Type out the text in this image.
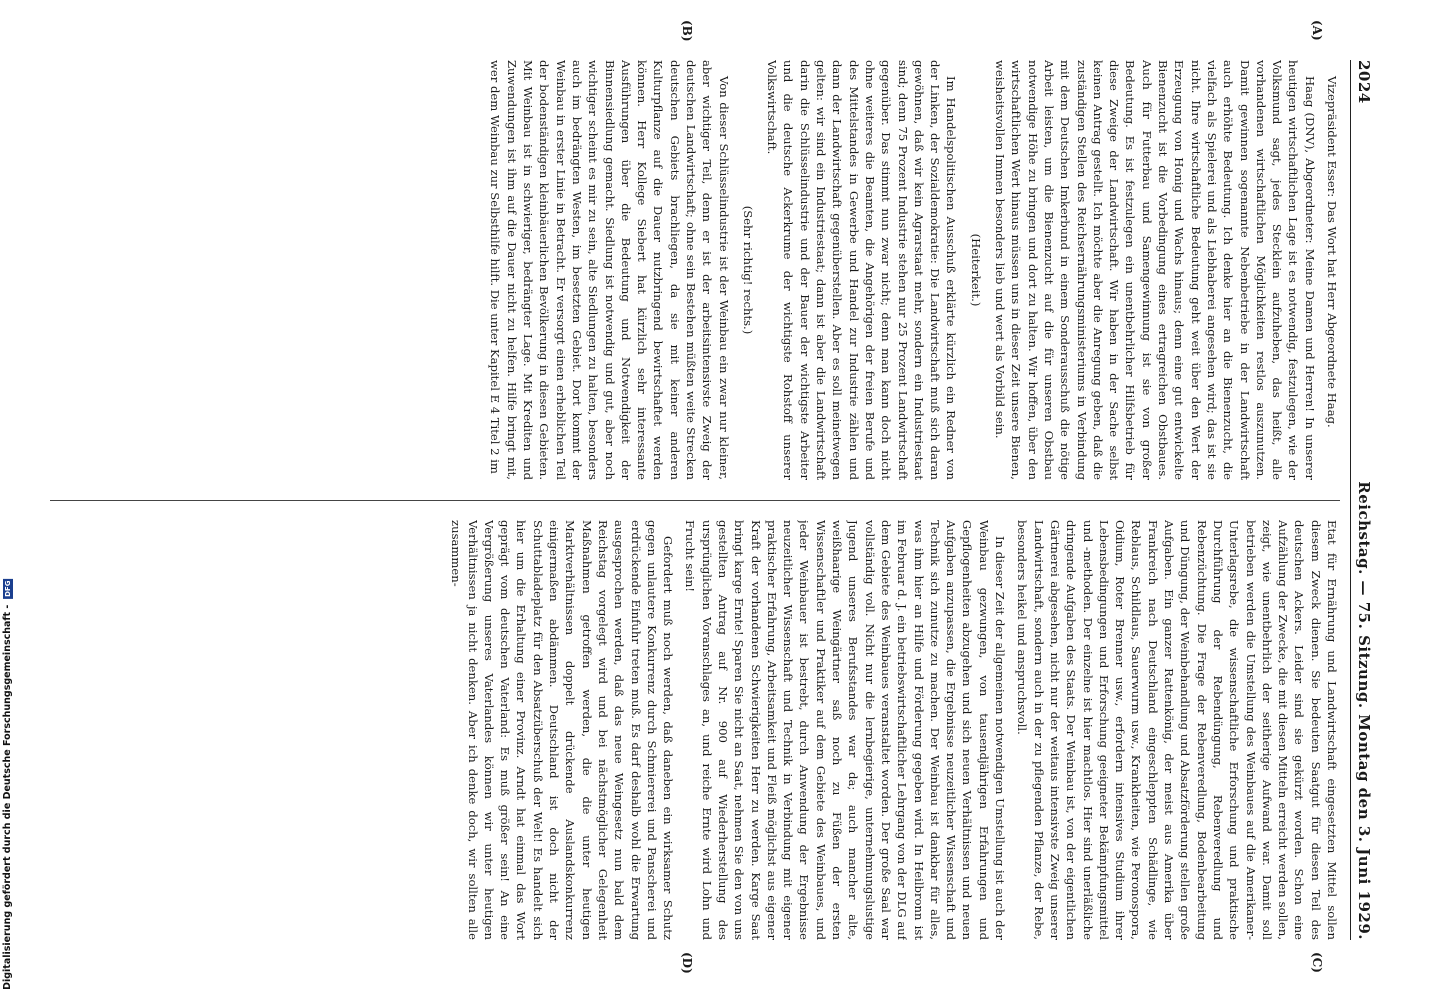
2024
Reichstag. — 75. Sitzung. Montag den 3. Juni 1929.
(A)
(B)
(C)
(D)

Vizepräsident Esser: Das Wort hat Herr Abgeordnete Haag.

Haag (DNV), Abgeordneter: Meine Damen und Herren! In unserer heutigen wirtschaftlichen Lage ist es notwendig, festzulegen, wie der Volksmund sagt, jedes Stecklein aufzuheben, das heißt, alle vorhandenen wirtschaftlichen Möglichkeiten restlos auszunutzen. Damit gewinnen sogenannte Nebenbetriebe in der Landwirtschaft auch erhöhte Bedeutung. Ich denke hier an die Bienenzucht, die vielfach als Spielerei und als Liebhaberei angesehen wird; das ist sie nicht. Ihre wirtschaftliche Bedeutung geht weit über den Wert der Erzeugung von Honig und Wachs hinaus; denn eine gut entwickelte Bienenzucht ist die Vorbedingung eines ertragreichen Obstbaues. Auch für Futterbau und Samengewinnung ist sie von großer Bedeutung. Es ist festzulegen ein unentbehrlicher Hilfsbetrieb für diese Zweige der Landwirtschaft. Wir haben in der Sache selbst keinen Antrag gestellt. Ich möchte aber die Anregung geben, daß die zuständigen Stellen des Reichsernährungsministeriums in Verbindung mit dem Deutschen Imkerbund in einem Sonderausschuß die nötige Arbeit leisten, um die Bienenzucht auf die für unseren Obstbau notwendige Höhe zu bringen und dort zu halten. Wir hoffen, über den wirtschaftlichen Wert hinaus müssen uns in dieser Zeit unsere Bienen, weisheitsvollen Immen besonders lieb und wert als Vorbild sein.

(Heiterkeit.)

Im Handelspolitischen Ausschuß erklärte kürzlich ein Redner von der Linken, der Sozialdemokratie: Die Landwirtschaft muß sich daran gewöhnen, daß wir kein Agrarstaat mehr, sondern ein Industriestaat sind; denn 75 Prozent Industrie stehen nur 25 Prozent Landwirtschaft gegenüber. Das stimmt nun zwar nicht; denn man kann doch nicht ohne weiteres die Beamten, die Angehörigen der freien Berufe und des Mittelstandes in Gewerbe und Handel zur Industrie zählen und dann der Landwirtschaft gegenüberstellen. Aber es soll meinetwegen gelten: wir sind ein Industriestaat; dann ist aber die Landwirtschaft darin die Schlüsselindustrie und der Bauer der wichtigste Arbeiter und die deutsche Ackerkrume der wichtigste Rohstoff unserer Volkswirtschaft.

(Sehr richtig! rechts.)

Von dieser Schlüsselindustrie ist der Weinbau ein zwar nur kleiner, aber wichtiger Teil, denn er ist der arbeitsintensivste Zweig der deutschen Landwirtschaft; ohne sein Bestehen müßten weite Strecken deutschen Gebiets brachliegen, da sie mit keiner anderen Kulturpflanze auf die Dauer nutzbringend bewirtschaftet werden können. Herr Kollege Siebert hat kürzlich sehr interessante Ausführungen über die Bedeutung und Notwendigkeit der Binnensiedlung gemacht. Siedlung ist notwendig und gut, aber noch wichtiger scheint es mir zu sein, alte Siedlungen zu halten, besonders auch im bedrängten Westen, im besetzten Gebiet. Dort kommt der Weinbau in erster Linie in Betracht. Er versorgt einen erheblichen Teil der bodenständigen kleinbäuerlichen Bevölkerung in diesen Gebieten. Mit Weinbau ist in schwieriger, bedrängter Lage. Mit Krediten und Zuwendungen ist ihm auf die Dauer nicht zu helfen. Hilfe bringt mit, wer dem Weinbau zur Selbsthilfe hilft. Die unter Kapitel E 4 Titel 2 im

Etat für Ernährung und Landwirtschaft eingesetzten Mittel sollen diesem Zweck dienen. Sie bedeuten Saatgut für diesen Teil des deutschen Ackers. Leider sind sie gekürzt worden. Schon eine Aufzählung der Zwecke, die mit diesen Mitteln erreicht werden sollen, zeigt, wie unentbehrlich der seitherige Aufwand war. Damit soll betrieben werden die Umstellung des Weinbaues auf die Amerikaner-Unterlagsrebe, die wissenschaftliche Erforschung und praktische Durchführung der Rebendüngung, Rebenveredlung und Rebenzüchtung. Die Frage der Rebenveredlung, Bodenbearbeitung und Düngung, der Weinbehandlung und Absatzförderung stellen große Aufgaben. Ein ganzer Rattenkönig, der meist aus Amerika über Frankreich nach Deutschland eingeschleppten Schädlinge, wie Reblaus, Schildlaus, Sauerwurm usw., Krankheiten, wie Peronospora, Oidium, Roter Brenner usw., erfordern intensives Studium ihrer Lebensbedingungen und Erforschung geeigneter Bekämpfungsmittel und -methoden. Der einzelne ist hier machtlos. Hier sind unerläßliche dringende Aufgaben des Staats. Der Weinbau ist, von der eigentlichen Gärtnerei abgesehen, nicht nur der weitaus intensivste Zweig unserer Landwirtschaft, sondern auch in der zu pflegenden Pflanze, der Rebe, besonders heikel und anspruchsvoll.

In dieser Zeit der allgemeinen notwendigen Umstellung ist auch der Weinbau gezwungen, von tausendjährigen Erfahrungen und Gepflogenheiten abzugehen und sich neuen Verhältnissen und neuen Aufgaben anzupassen, die Ergebnisse neuzeitlicher Wissenschaft und Technik sich zunutze zu machen. Der Weinbau ist dankbar für alles, was ihm hier an Hilfe und Förderung gegeben wird. In Heilbronn ist im Februar d. J. ein betriebswirtschaftlicher Lehrgang von der DLG auf dem Gebiete des Weinbaues veranstaltet worden. Der große Saal war vollständig voll. Nicht nur die lernbegierige, unternehmungslustige Jugend unseres Berufsstandes war da; auch mancher alte, weißhaarige Weingärtner saß noch zu Füßen der ersten Wissenschaftler und Praktiker auf dem Gebiete des Weinbaues, und jeder Weinbauer ist bestrebt, durch Anwendung der Ergebnisse neuzeitlicher Wissenschaft und Technik in Verbindung mit eigener praktischer Erfahrung, Arbeitsamkeit und Fleiß möglichst aus eigener Kraft der vorhandenen Schwierigkeiten Herr zu werden. Karge Saat bringt karge Ernte! Sparen Sie nicht an Saat, nehmen Sie den von uns gestellten Antrag auf Nr. 900 auf Wiederherstellung des ursprünglichen Voranschlages an, und reiche Ernte wird Lohn und Frucht sein!

Gefordert muß noch werden, daß daneben ein wirksamer Schutz gegen unlautere Konkurrenz durch Schmiererei und Panscherei und erdrückende Einfuhr treten muß. Es darf deshalb wohl die Erwartung ausgesprochen werden, daß das neue Weingesetz nun bald dem Reichstag vorgelegt wird und bei nächstmöglicher Gelegenheit Maßnahmen getroffen werden, die die unter heutigen Marktverhältnissen doppelt drückende Auslandskonkurrenz einigermaßen abdämmen. Deutschland ist doch nicht der Schuttabladeplatz für den Absatzüberschuß der Welt! Es handelt sich hier um die Erhaltung einer Provinz. Arndt hat einmal das Wort geprägt vom deutschen Vaterland: Es muß größer sein! An eine Vergrößerung unseres Vaterlandes können wir unter heutigen Verhältnissen ja nicht denken. Aber ich denke doch, wir sollten alle zusammen-

Digitalisierung gefördert durch die Deutsche Forschungsgemeinschaft - DFG
